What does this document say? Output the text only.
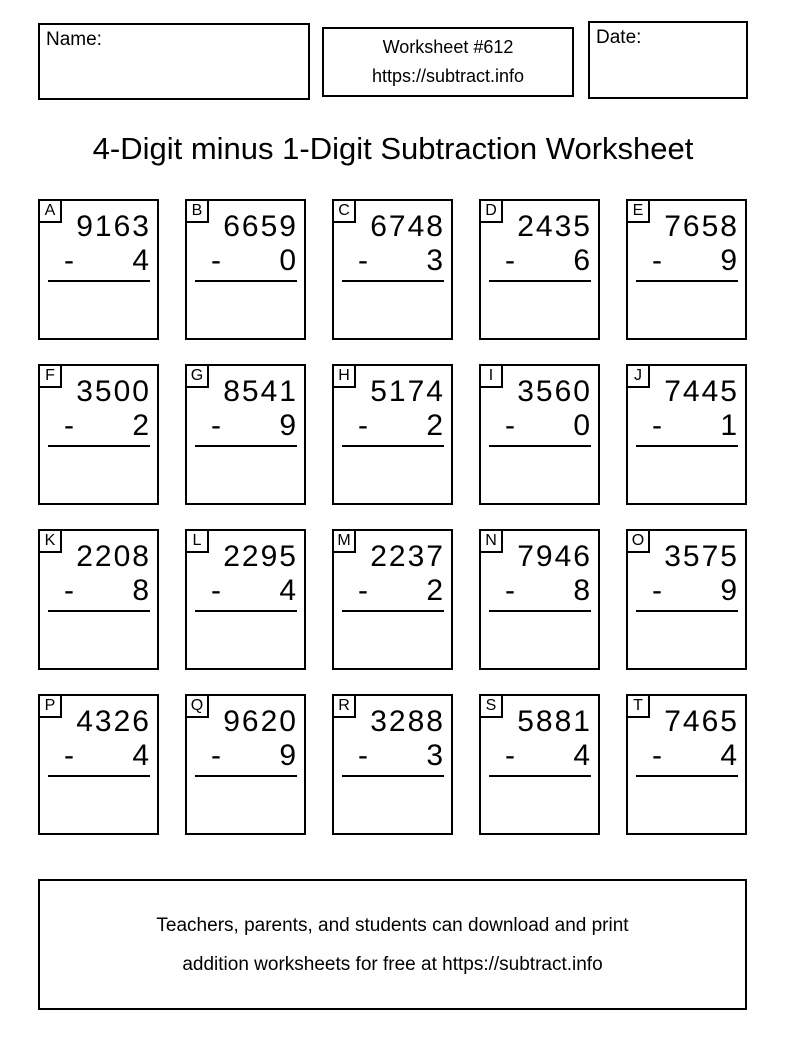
Name:	Worksheet #612
https://subtract.info
Date:
4-Digit minus 1-Digit Subtraction Worksheet
A 9163
- 4
B 6659
- 0
C 6748
- 3
D 2435
- 6
E 7658
- 9
F 3500
- 2
G 8541
- 9
H 5174
- 2
I 3560
- 0
J 7445
- 1
K 2208
- 8
L 2295
- 4
M 2237
- 2
N 7946
- 8
O 3575
- 9
P 4326
- 4
Q 9620
- 9
R 3288
- 3
S 5881
- 4
T 7465
- 4
Teachers, parents, and students can download and print
addition worksheets for free at https://subtract.info
